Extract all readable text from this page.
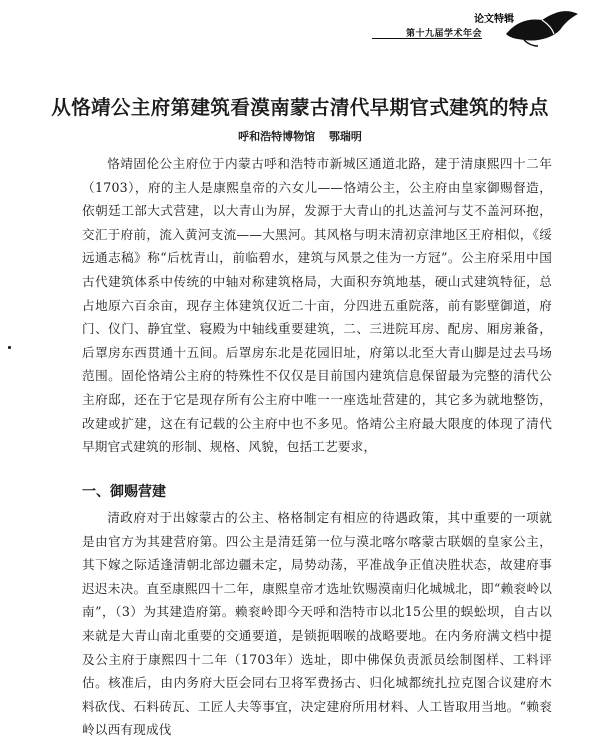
论文特辑
第十九届学术年会
从恪靖公主府第建筑看漠南蒙古清代早期官式建筑的特点
呼和浩特博物馆 鄂瑞明

恪靖固伦公主府位于内蒙古呼和浩特市新城区通道北路，建于清康熙四十二年（1703），府的主人是康熙皇帝的六女儿——恪靖公主，公主府由皇家御赐督造，依朝廷工部大式营建，以大青山为屏，发源于大青山的扎达盖河与艾不盖河环抱，交汇于府前，流入黄河支流——大黑河。其风格与明末清初京津地区王府相似，《绥远通志稿》称“后枕青山，前临碧水，建筑与风景之佳为一方冠”。公主府采用中国古代建筑体系中传统的中轴对称建筑格局，大面积夯筑地基，硬山式建筑特征，总占地原六百余亩，现存主体建筑仅近二十亩，分四进五重院落，前有影壁御道，府门、仪门、静宜堂、寝殿为中轴线重要建筑，二、三进院耳房、配房、厢房兼备，后罩房东西贯通十五间。后罩房东北是花园旧址，府第以北至大青山脚是过去马场范围。固伦恪靖公主府的特殊性不仅仅是目前国内建筑信息保留最为完整的清代公主府邸，还在于它是现存所有公主府中唯一一座选址营建的，其它多为就地整饬，改建或扩建，这在有记载的公主府中也不多见。恪靖公主府最大限度的体现了清代早期官式建筑的形制、规格、风貌，包括工艺要求，

一、御赐营建

清政府对于出嫁蒙古的公主、格格制定有相应的待遇政策，其中重要的一项就是由官方为其建营府第。四公主是清廷第一位与漠北喀尔喀蒙古联姻的皇家公主，其下嫁之际适逢清朝北部边疆未定，局势动荡，平准战争正值决胜状态，故建府事迟迟未决。直至康熙四十二年，康熙皇帝才选址钦赐漠南归化城城北，即“赖衮岭以南”，（3）为其建造府第。赖衮岭即今天呼和浩特市以北15公里的蜈蚣坝，自古以来就是大青山南北重要的交通要道，是锁扼咽喉的战略要地。在内务府满文档中提及公主府于康熙四十二年（1703年）选址，即中佛保负责派员绘制图样、工料评估。核准后，由内务府大臣会同右卫将军费扬古、归化城都统扎拉克图合议建府木料砍伐、石料砖瓦、工匠人夫等事宜，决定建府所用材料、人工皆取用当地。“赖衮岭以西有现成伐
